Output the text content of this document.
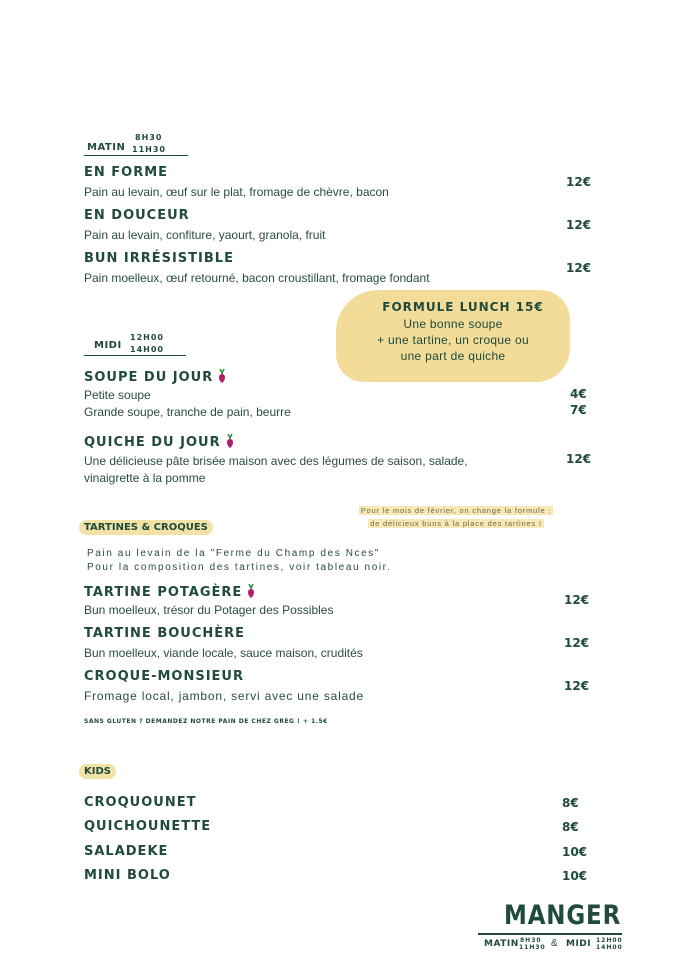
MATIN
8H30
11H30
EN FORME
Pain au levain, œuf sur le plat, fromage de chèvre, bacon
12€
EN DOUCEUR
Pain au levain, confiture, yaourt, granola, fruit
12€
BUN IRRÉSISTIBLE
Pain moelleux, œuf retourné, bacon croustillant, fromage fondant
12€
FORMULE LUNCH 15€
Une bonne soupe
+ une tartine, un croque ou
une part de quiche
MIDI
12H00
14H00
SOUPE DU JOUR
Petite soupe	4€
Grande soupe, tranche de pain, beurre	7€
QUICHE DU JOUR
Une délicieuse pâte brisée maison avec des légumes de saison, salade,
vinaigrette à la pomme
12€
Pour le mois de février, on change la formule :
de délicieux buns à la place des tartines !
TARTINES & CROQUES
Pain au levain de la "Ferme du Champ des Nces"
Pour la composition des tartines, voir tableau noir.
TARTINE POTAGÈRE
Bun moelleux, trésor du Potager des Possibles
12€
TARTINE BOUCHÈRE
Bun moelleux, viande locale, sauce maison, crudités
12€
CROQUE-MONSIEUR
Fromage local, jambon, servi avec une salade
12€
SANS GLUTEN ? DEMANDEZ NOTRE PAIN DE CHEZ GREG ! + 1.5€
KIDS
CROQUOUNET	8€
QUICHOUNETTE	8€
SALADEKE	10€
MINI BOLO	10€
MANGER
MATIN 8H30
11H30 & MIDI 12H00
14H00
